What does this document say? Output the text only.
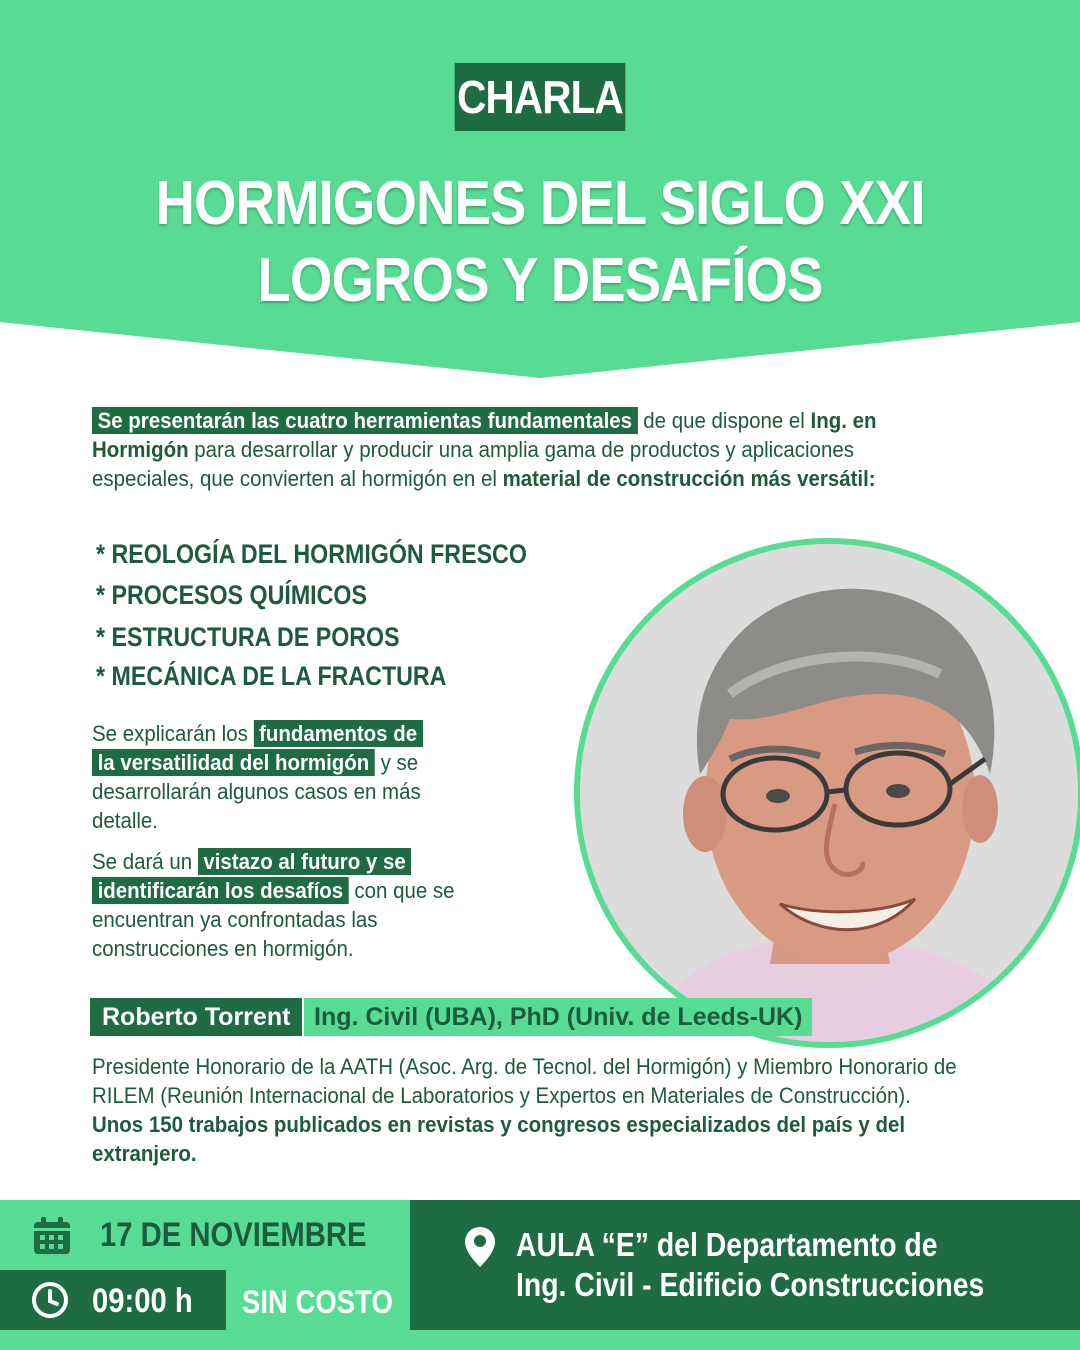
CHARLA
HORMIGONES DEL SIGLO XXI
LOGROS Y DESAFÍOS
Se presentarán las cuatro herramientas fundamentales de que dispone el Ing. en Hormigón para desarrollar y producir una amplia gama de productos y aplicaciones especiales, que convierten al hormigón en el material de construcción más versátil:
* REOLOGÍA DEL HORMIGÓN FRESCO
* PROCESOS QUÍMICOS
* ESTRUCTURA DE POROS
* MECÁNICA DE LA FRACTURA
Se explicarán los fundamentos de
la versatilidad del hormigón y se desarrollarán algunos casos en más detalle.
Se dará un vistazo al futuro y se
identificarán los desafíos con que se encuentran ya confrontadas las construcciones en hormigón.
Roberto Torrent Ing. Civil (UBA), PhD (Univ. de Leeds-UK)
Presidente Honorario de la AATH (Asoc. Arg. de Tecnol. del Hormigón) y Miembro Honorario de RILEM (Reunión Internacional de Laboratorios y Expertos en Materiales de Construcción). Unos 150 trabajos publicados en revistas y congresos especializados del país y del extranjero.
17 DE NOVIEMBRE
09:00 h SIN COSTO
AULA “E” del Departamento de
Ing. Civil - Edificio Construcciones
